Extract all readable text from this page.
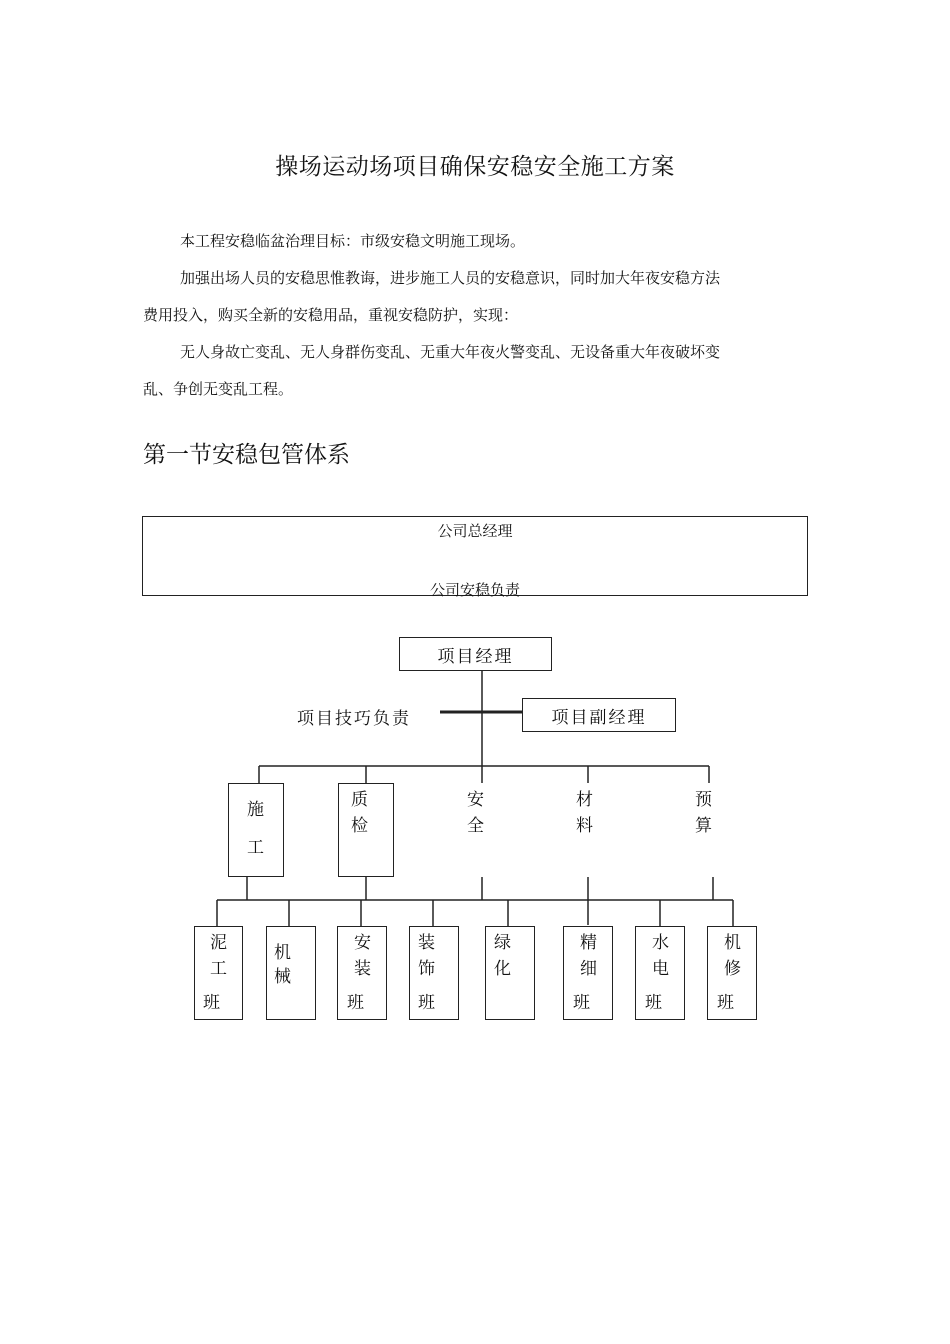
操场运动场项目确保安稳安全施工方案
本工程安稳临盆治理目标：市级安稳文明施工现场。
加强出场人员的安稳思惟教诲，进步施工人员的安稳意识，同时加大年夜安稳方法
费用投入，购买全新的安稳用品，重视安稳防护，实现：
无人身故亡变乱、无人身群伤变乱、无重大年夜火警变乱、无设备重大年夜破坏变
乱、争创无变乱工程。
第一节安稳包管体系
公司总经理
公司安稳负责
项目经理
项目技巧负责	项目副经理
施
工
质
检
安
全
材
料
预
算
泥
工
班
机
械
安
装
班
装
饰
班
绿
化
精
细
班
水
电
班
机
修
班
